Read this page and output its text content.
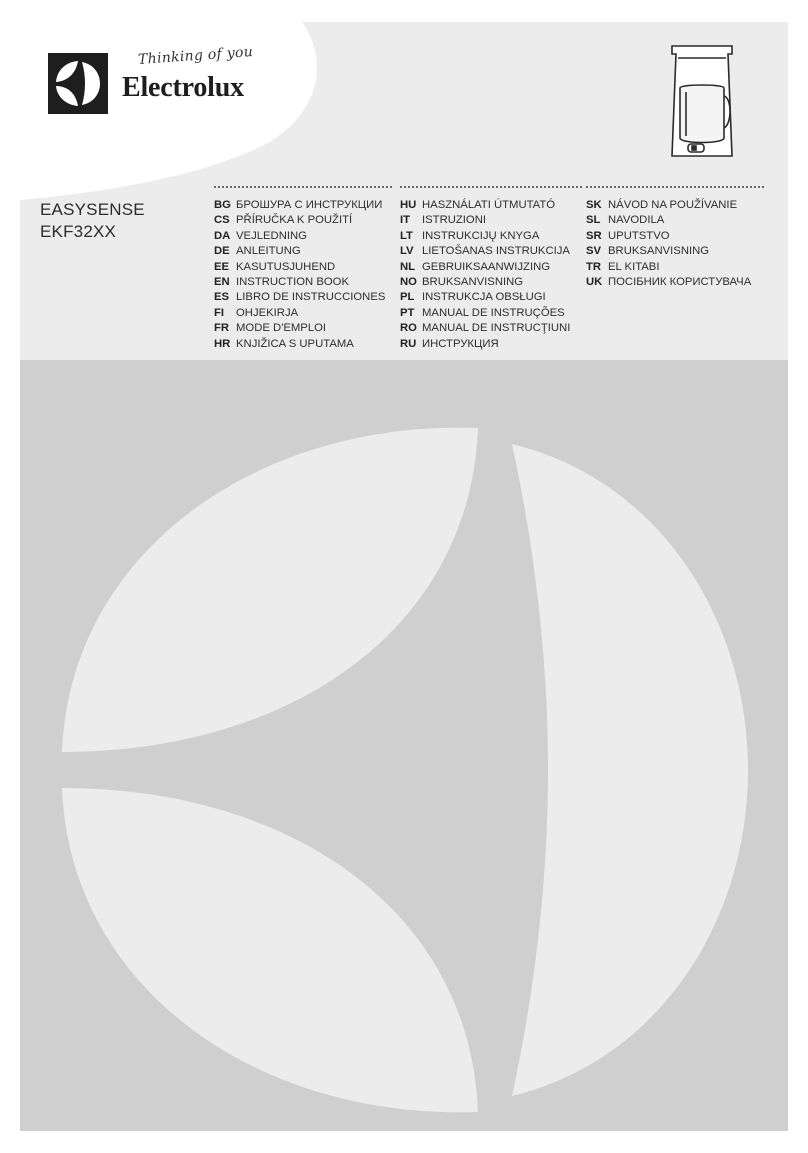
Thinking of you
Electrolux
EASYSENSE
EKF32XX
BG БРОШУРА С ИНСТРУКЦИИ
CS PŘÍRUČKA K POUŽITÍ
DA VEJLEDNING
DE ANLEITUNG
EE KASUTUSJUHEND
EN INSTRUCTION BOOK
ES LIBRO DE INSTRUCCIONES
FI	OHJEKIRJA
FR MODE D'EMPLOI
HR KNJIŽICA S UPUTAMA
HU HASZNÁLATI ÚTMUTATÓ
IT	ISTRUZIONI
LT INSTRUKCIJŲ KNYGA
LV LIETOŠANAS INSTRUKCIJA
NL GEBRUIKSAANWIJZING
NO BRUKSANVISNING
PL INSTRUKCJA OBSŁUGI
PT MANUAL DE INSTRUÇÕES
RO MANUAL DE INSTRUCŢIUNI
RU ИНСТРУКЦИЯ
SK NÁVOD NA POUŽÍVANIE
SL NAVODILA
SR UPUTSTVO
SV BRUKSANVISNING
TR EL KITABI
UK ПОСІБНИК КОРИСТУВАЧА
